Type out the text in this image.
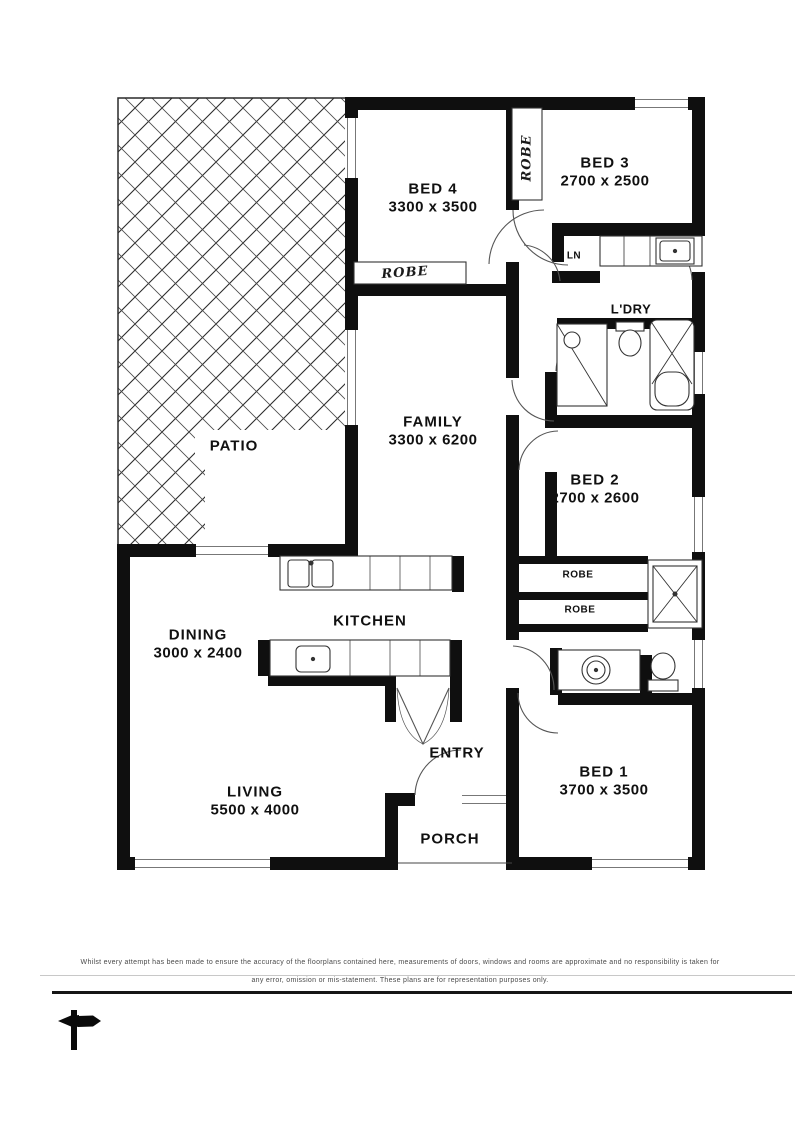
PATIO
BED 4
3300 x 3500
BED 3
2700 x 2500
FAMILY
3300 x 6200
BED 2
2700 x 2600
DINING
3000 x 2400
KITCHEN
LIVING
5500 x 4000
ENTRY
PORCH
BED 1
3700 x 3500
L'DRY
LN
ROBE
ROBE
ROBE
ROBE
Whilst every attempt has been made to ensure the accuracy of the floorplans contained here, measurements of doors, windows and rooms are approximate and no responsibility is taken for
any error, omission or mis-statement. These plans are for representation purposes only.
